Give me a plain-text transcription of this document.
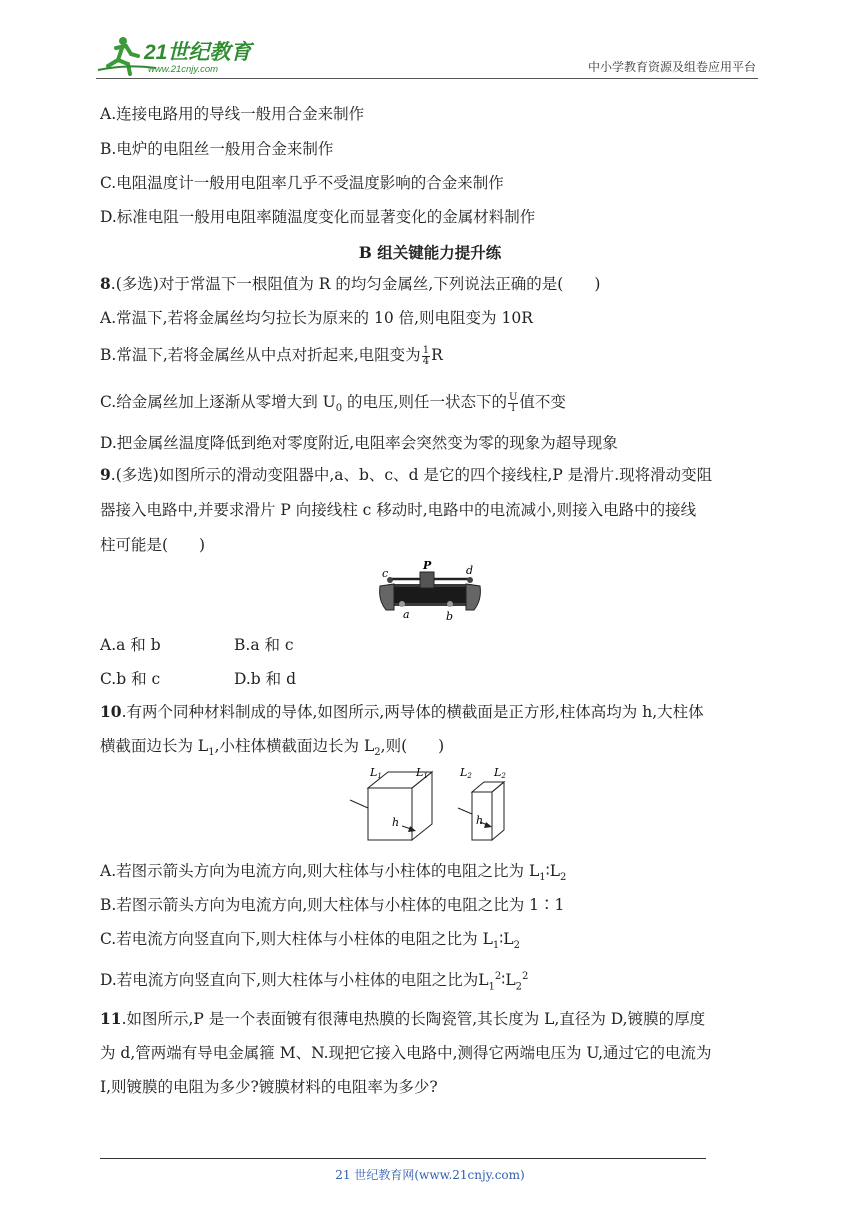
21世纪教育
www.21cnjy.com	中小学教育资源及组卷应用平台
A.连接电路用的导线一般用合金来制作
B.电炉的电阻丝一般用合金来制作
C.电阻温度计一般用电阻率几乎不受温度影响的合金来制作
D.标准电阻一般用电阻率随温度变化而显著变化的金属材料制作
B 组关键能力提升练
8.(多选)对于常温下一根阻值为 R 的均匀金属丝,下列说法正确的是(　　)
A.常温下,若将金属丝均匀拉长为原来的 10 倍,则电阻变为 10R
B.常温下,若将金属丝从中点对折起来,电阻变为 $\frac{1}{4}$ R
C.给金属丝加上逐渐从零增大到 $U_0$ 的电压,则任一状态下的 $\frac{U}{I}$ 值不变
D.把金属丝温度降低到绝对零度附近,电阻率会突然变为零的现象为超导现象
9.(多选)如图所示的滑动变阻器中,a、b、c、d 是它的四个接线柱,P 是滑片.现将滑动变阻
器接入电路中,并要求滑片 P 向接线柱 c 移动时,电路中的电流减小,则接入电路中的接线
柱可能是(　　)
c
P	d
a	b
A.a 和 b	B.a 和 c
C.b 和 c	D.b 和 d
10.有两个同种材料制成的导体,如图所示,两导体的横截面是正方形,柱体高均为 h,大柱体
横截面边长为 $L_1$,小柱体横截面边长为 $L_2$,则(　　)
L1	L1	L2 L2
h	h
A.若图示箭头方向为电流方向,则大柱体与小柱体的电阻之比为 $L_1∶L_2$
B.若图示箭头方向为电流方向,则大柱体与小柱体的电阻之比为 1∶1
C.若电流方向竖直向下,则大柱体与小柱体的电阻之比为 $L_1∶L_2$
D.若电流方向竖直向下,则大柱体与小柱体的电阻之比为$L_1^2∶L_2^2$
11.如图所示,P 是一个表面镀有很薄电热膜的长陶瓷管,其长度为 L,直径为 D,镀膜的厚度
为 d,管两端有导电金属箍 M、N.现把它接入电路中,测得它两端电压为 U,通过它的电流为
I,则镀膜的电阻为多少?镀膜材料的电阻率为多少?
21 世纪教育网(www.21cnjy.com)
